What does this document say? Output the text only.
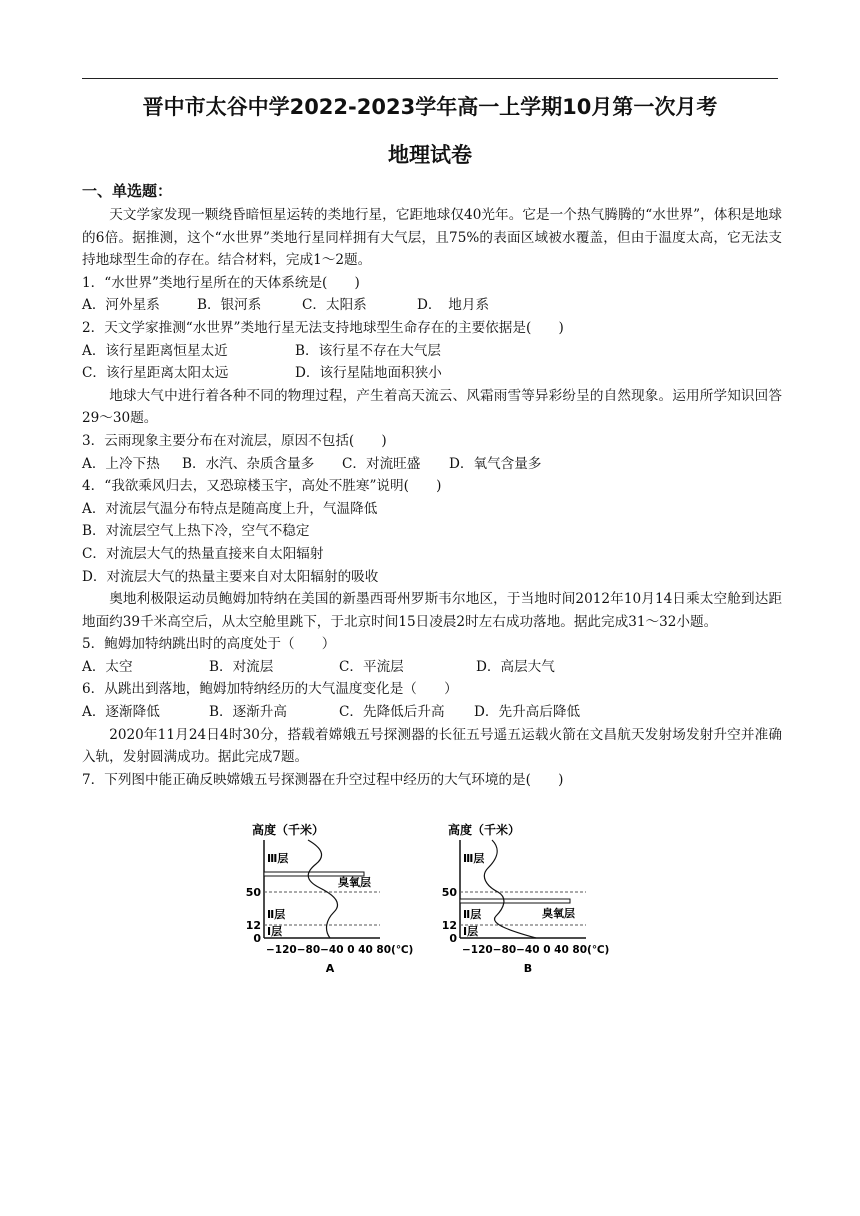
晋中市太谷中学2022-2023学年高一上学期10月第一次月考
地理试卷
一、单选题：

天文学家发现一颗绕昏暗恒星运转的类地行星，它距地球仅40光年。它是一个热气腾腾的“水世界”，体积是地球的6倍。据推测，这个“水世界”类地行星同样拥有大气层，且75%的表面区域被水覆盖，但由于温度太高，它无法支持地球型生命的存在。结合材料，完成1～2题。

1．“水世界”类地行星所在的天体系统是(　　)

A．河外星系	B．银河系	C．太阳系	D．　地月系

2．天文学家推测“水世界”类地行星无法支持地球型生命存在的主要依据是(　　)

A．该行星距离恒星太近	B．该行星不存在大气层
C．该行星距离太阳太远	D．该行星陆地面积狭小

地球大气中进行着各种不同的物理过程，产生着高天流云、风霜雨雪等异彩纷呈的自然现象。运用所学知识回答29～30题。

3．云雨现象主要分布在对流层，原因不包括(　　)

A．上冷下热	B．水汽、杂质含量多	C．对流旺盛	D．氧气含量多

4．“我欲乘风归去，又恐琼楼玉宇，高处不胜寒”说明(　　)

A．对流层气温分布特点是随高度上升，气温降低

B．对流层空气上热下冷，空气不稳定

C．对流层大气的热量直接来自太阳辐射

D．对流层大气的热量主要来自对太阳辐射的吸收

奥地利极限运动员鲍姆加特纳在美国的新墨西哥州罗斯韦尔地区，于当地时间2012年10月14日乘太空舱到达距地面约39千米高空后，从太空舱里跳下，于北京时间15日凌晨2时左右成功落地。据此完成31～32小题。

5．鲍姆加特纳跳出时的高度处于（　　）

A．太空	B．对流层	C．平流层	D．高层大气

6．从跳出到落地，鲍姆加特纳经历的大气温度变化是（　　）

A．逐渐降低	B．逐渐升高	C．先降低后升高	D．先升高后降低

2020年11月24日4时30分，搭载着嫦娥五号探测器的长征五号遥五运载火箭在文昌航天发射场发射升空并准确入轨，发射圆满成功。据此完成7题。

7．下列图中能正确反映嫦娥五号探测器在升空过程中经历的大气环境的是(　　)

高度（千米）
Ⅲ层
Ⅱ层
Ⅰ层
臭氧层
50
12
0
−120−80−40 0 40 80(℃)
A
高度（千米）
Ⅲ层
Ⅱ层
Ⅰ层
臭氧层
50
12
0
−120−80−40 0 40 80(℃)
B
